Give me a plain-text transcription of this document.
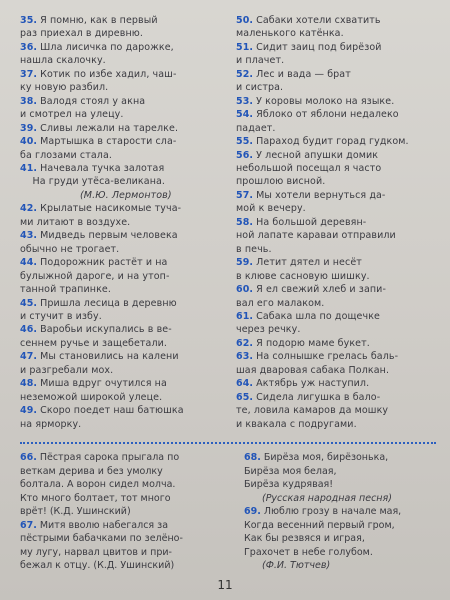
35. Я помню, как в первый
раз приехал в диревню.
36. Шла лисичка по дарожке,
нашла скалочку.
37. Котик по избе хадил, чаш-
ку новую разбил.
38. Валодя стоял у акна
и смотрел на улецу.
39. Сливы лежали на тарелке.
40. Мартышка в старости сла-
ба глозами стала.
41. Начевала тучка залотая
На груди утёса-великана.
(М.Ю. Лермонтов)
42. Крылатые насикомые тучa-
ми литают в воздухе.
43. Мидведь первым человека
обычно не трогает.
44. Подорожник растёт и на
булыжной дароге, и на утоп-
танной трапинке.
45. Пришла лесица в деревню
и стучит в избу.
46. Варобьи искупались в ве-
сеннем ручье и защебетали.
47. Мы становились на калени
и разгребали мох.
48. Миша вдруг очутился на
неземожой широкой улеце.
49. Скоро поедет наш батюшка
на ярморку.
50. Сабаки хотели схватить
маленького катёнка.
51. Сидит заиц под бирёзой
и плачет.
52. Лес и вада — брат
и систра.
53. У коровы молоко на языке.
54. Яблоко от яблони недалеко
падает.
55. Параход будит горад гудком.
56. У лесной апушки домик
небольшой посещал я часто
прошлою висной.
57. Мы хотели вернуться да-
мой к вечеру.
58. На большой деревян-
ной лапате караваи отправили
в печь.
59. Летит дятел и несёт
в клюве сасновую шишку.
60. Я ел свежий хлеб и запи-
вал его малаком.
61. Сабака шла по дощечке
через речку.
62. Я подорю маме букет.
63. На солнышке грелась баль-
шая дваровая сабака Полкан.
64. Актябрь уж наступил.
65. Сидела лигушка в бало-
те, ловила камаров да мошку
и квакала с подругами.
66. Пёстрая сарока прыгала по
веткам дерива и без умолку
болтала. А ворон сидел молча.
Кто много болтает, тот много
врёт! (К.Д. Ушинский)
67. Митя вволю набегался за
пёстрыми бабачками по зелёно-
му лугу, нарвал цвитов и при-
бежал к отцу. (К.Д. Ушинский)
68. Бирёза моя, бирёзонька,
Бирёза моя белая,
Бирёза кудрявая!
(Русская народная песня)
69. Люблю грозу в начале мая,
Когда весенний первый гром,
Как бы резвяся и играя,
Грахочет в небе голубом.
(Ф.И. Тютчев)
11
